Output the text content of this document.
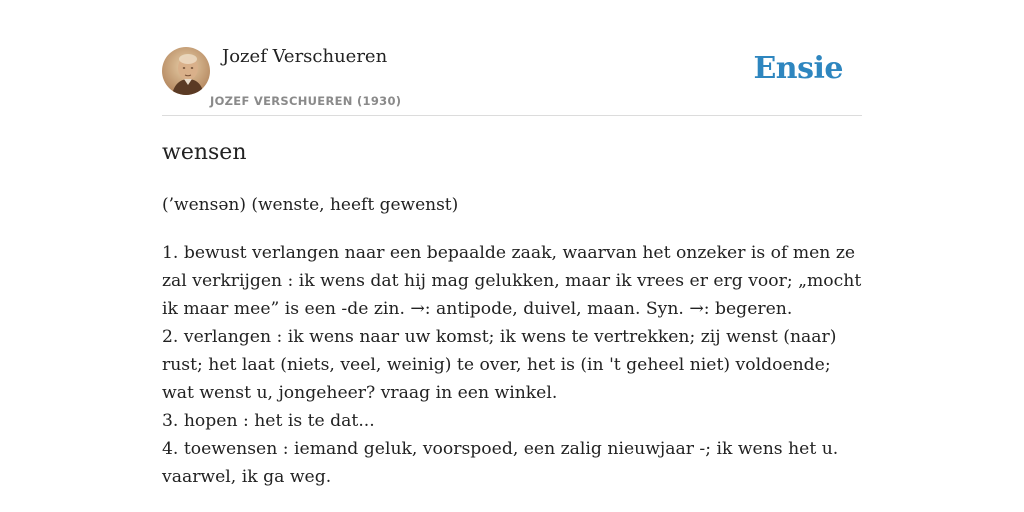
Jozef Verschueren
JOZEF VERSCHUEREN (1930)
Ensie
wensen
(’wensən) (wenste, heeft gewenst)
1. bewust verlangen naar een bepaalde zaak, waarvan het onzeker is of men ze zal verkrijgen : ik wens dat hij mag gelukken, maar ik vrees er erg voor; „mocht ik maar mee” is een -de zin. →: antipode, duivel, maan. Syn. →: begeren.
2. verlangen : ik wens naar uw komst; ik wens te vertrekken; zij wenst (naar) rust; het laat (niets, veel, weinig) te over, het is (in 't geheel niet) voldoende; wat wenst u, jongeheer? vraag in een winkel.
3. hopen : het is te dat...
4. toewensen : iemand geluk, voorspoed, een zalig nieuwjaar -; ik wens het u. vaarwel, ik ga weg.
